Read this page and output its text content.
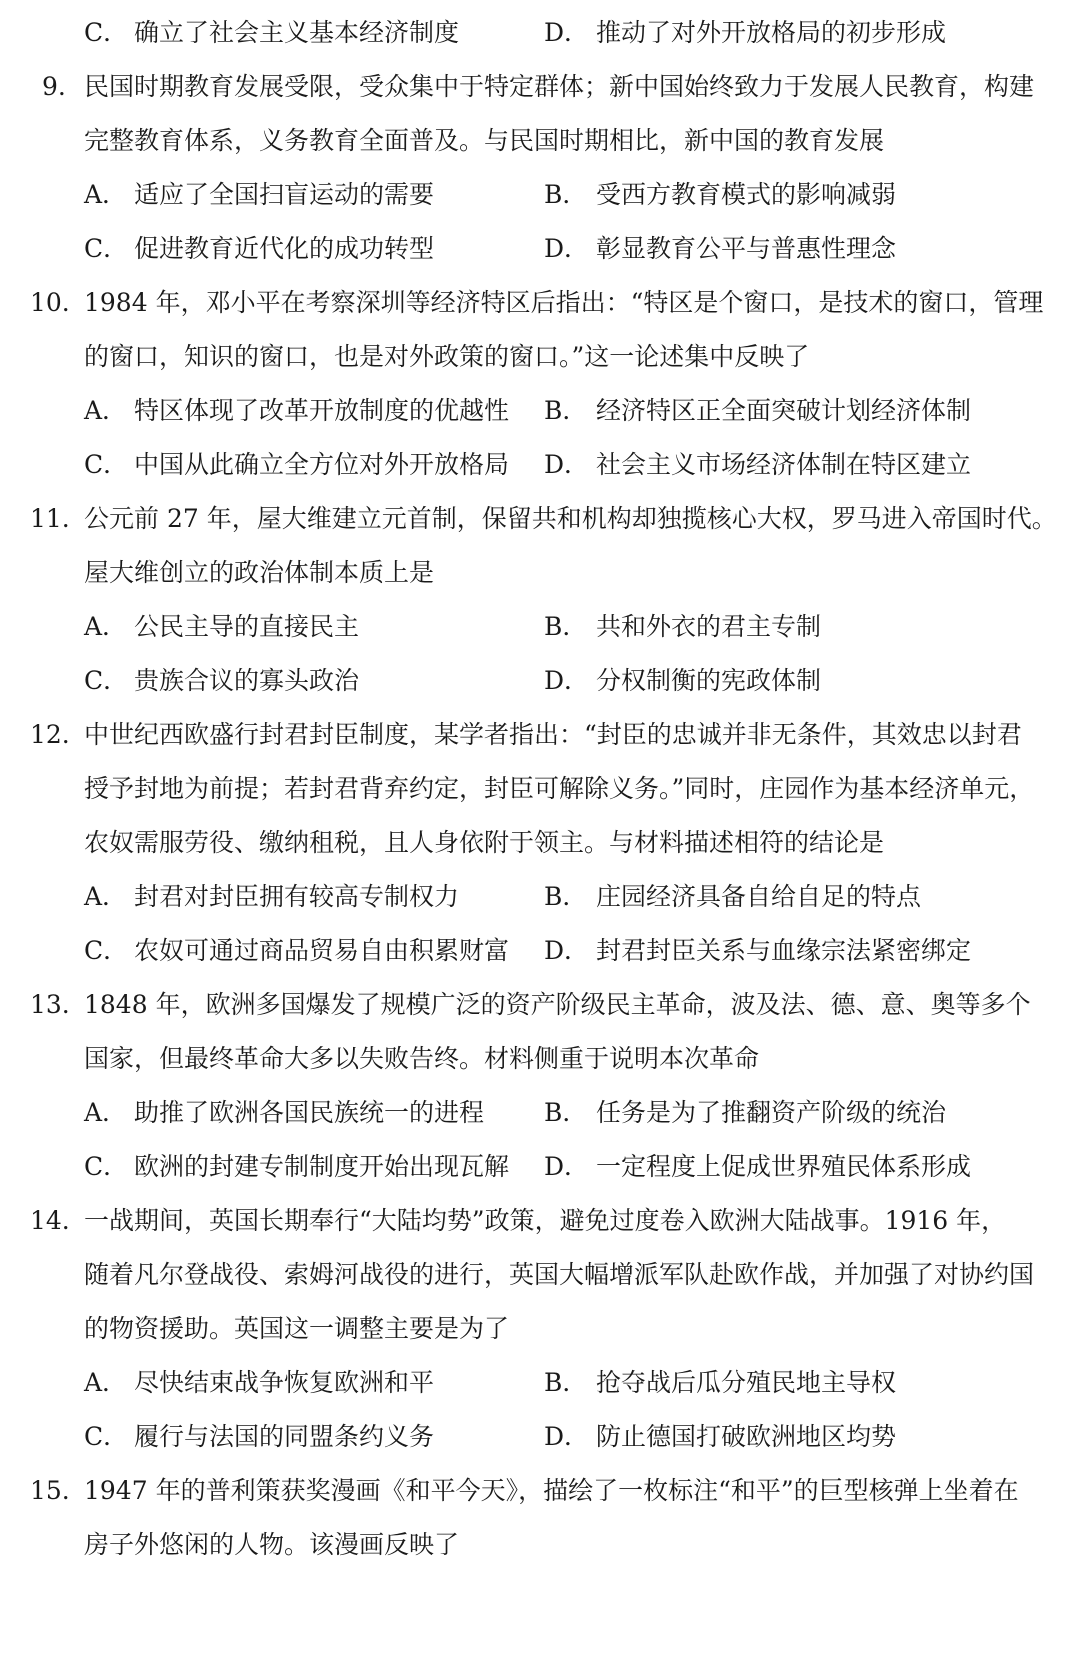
C． 确立了社会主义基本经济制度	D． 推动了对外开放格局的初步形成
9. 民国时期教育发展受限，受众集中于特定群体；新中国始终致力于发展人民教育，构建
完整教育体系，义务教育全面普及。与民国时期相比，新中国的教育发展
A． 适应了全国扫盲运动的需要	B． 受西方教育模式的影响减弱
C． 促进教育近代化的成功转型	D． 彰显教育公平与普惠性理念
10. 1984 年，邓小平在考察深圳等经济特区后指出：“特区是个窗口，是技术的窗口，管理
的窗口，知识的窗口，也是对外政策的窗口。”这一论述集中反映了
A． 特区体现了改革开放制度的优越性 B． 经济特区正全面突破计划经济体制
C． 中国从此确立全方位对外开放格局 D． 社会主义市场经济体制在特区建立
11. 公元前 27 年，屋大维建立元首制，保留共和机构却独揽核心大权，罗马进入帝国时代。
屋大维创立的政治体制本质上是
A． 公民主导的直接民主	B． 共和外衣的君主专制
C． 贵族合议的寡头政治	D． 分权制衡的宪政体制
12. 中世纪西欧盛行封君封臣制度，某学者指出：“封臣的忠诚并非无条件，其效忠以封君
授予封地为前提；若封君背弃约定，封臣可解除义务。”同时，庄园作为基本经济单元，
农奴需服劳役、缴纳租税，且人身依附于领主。与材料描述相符的结论是
A． 封君对封臣拥有较高专制权力	B． 庄园经济具备自给自足的特点
C． 农奴可通过商品贸易自由积累财富 D． 封君封臣关系与血缘宗法紧密绑定
13. 1848 年，欧洲多国爆发了规模广泛的资产阶级民主革命，波及法、德、意、奥等多个
国家，但最终革命大多以失败告终。材料侧重于说明本次革命
A． 助推了欧洲各国民族统一的进程 B． 任务是为了推翻资产阶级的统治
C． 欧洲的封建专制制度开始出现瓦解 D． 一定程度上促成世界殖民体系形成
14. 一战期间，英国长期奉行“大陆均势”政策，避免过度卷入欧洲大陆战事。1916 年，
随着凡尔登战役、索姆河战役的进行，英国大幅增派军队赴欧作战，并加强了对协约国
的物资援助。英国这一调整主要是为了
A． 尽快结束战争恢复欧洲和平	B． 抢夺战后瓜分殖民地主导权
C． 履行与法国的同盟条约义务	D． 防止德国打破欧洲地区均势
15. 1947 年的普利策获奖漫画《和平今天》，描绘了一枚标注“和平”的巨型核弹上坐着在
房子外悠闲的人物。该漫画反映了
